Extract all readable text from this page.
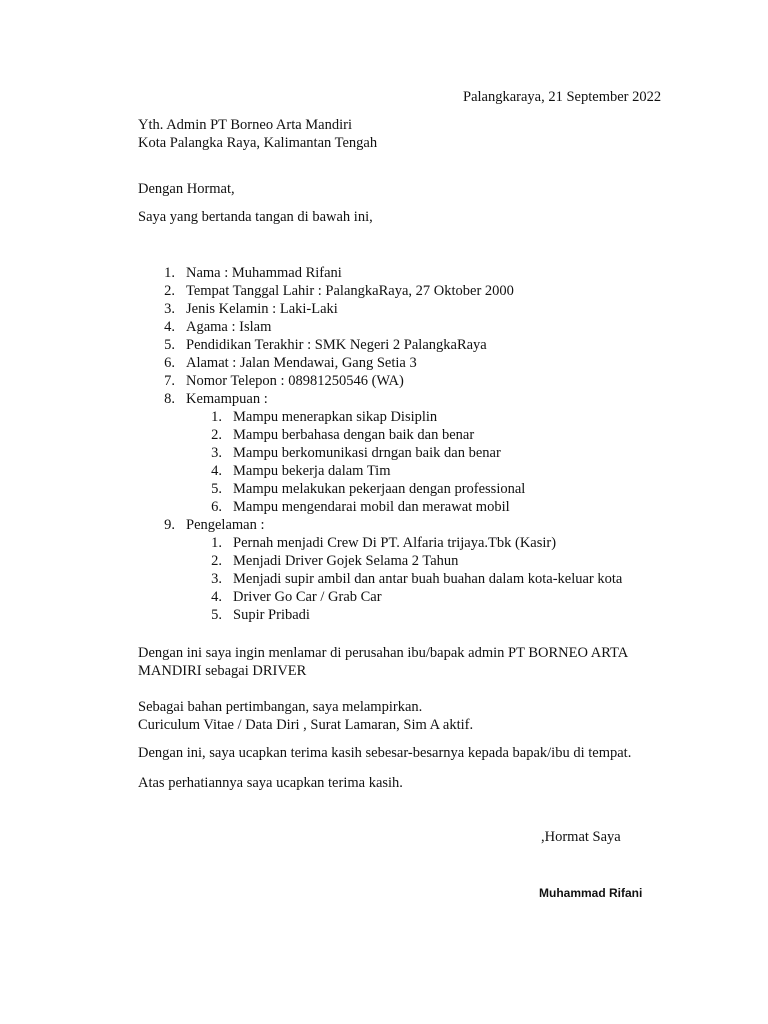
Palangkaraya, 21 September 2022
Yth. Admin PT Borneo Arta Mandiri
Kota Palangka Raya, Kalimantan Tengah
Dengan Hormat,
Saya yang bertanda tangan di bawah ini,
1. Nama : Muhammad Rifani
2. Tempat Tanggal Lahir : PalangkaRaya, 27 Oktober 2000
3. Jenis Kelamin : Laki-Laki
4. Agama : Islam
5. Pendidikan Terakhir : SMK Negeri 2 PalangkaRaya
6. Alamat : Jalan Mendawai, Gang Setia 3
7. Nomor Telepon : 08981250546 (WA)
8. Kemampuan :
1. Mampu menerapkan sikap Disiplin
2. Mampu berbahasa dengan baik dan benar
3. Mampu berkomunikasi drngan baik dan benar
4. Mampu bekerja dalam Tim
5. Mampu melakukan pekerjaan dengan professional
6. Mampu mengendarai mobil dan merawat mobil
9. Pengelaman :
1. Pernah menjadi Crew Di PT. Alfaria trijaya.Tbk (Kasir)
2. Menjadi Driver Gojek Selama 2 Tahun
3. Menjadi supir ambil dan antar buah buahan dalam kota-keluar kota
4. Driver Go Car / Grab Car
5. Supir Pribadi
Dengan ini saya ingin menlamar di perusahan ibu/bapak admin PT BORNEO ARTA
MANDIRI sebagai DRIVER
Sebagai bahan pertimbangan, saya melampirkan.
Curiculum Vitae / Data Diri , Surat Lamaran, Sim A aktif.
Dengan ini, saya ucapkan terima kasih sebesar-besarnya kepada bapak/ibu di tempat.
Atas perhatiannya saya ucapkan terima kasih.
,Hormat Saya
Muhammad Rifani
